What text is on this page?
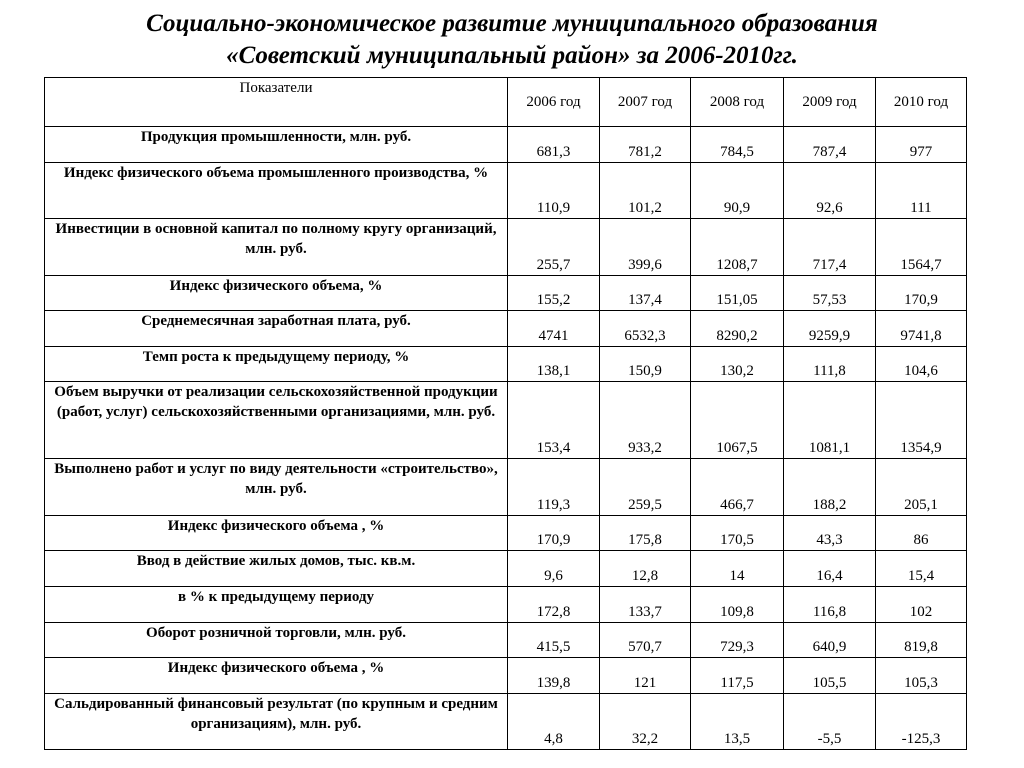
Социально-экономическое развитие муниципального образования
«Советский муниципальный район» за 2006-2010гг.
Показатели	2006 год	2007 год	2008 год	2009 год	2010 год
Продукция промышленности, млн. руб.	681,3	781,2	784,5	787,4	977
Индекс физического объема промышленного производства, %	110,9	101,2	90,9	92,6	111
Инвестиции в основной капитал по полному кругу организаций, млн. руб.	255,7	399,6	1208,7	717,4	1564,7
Индекс физического объема, %	155,2	137,4	151,05	57,53	170,9
Среднемесячная заработная плата, руб.	4741	6532,3	8290,2	9259,9	9741,8
Темп роста к предыдущему периоду, %	138,1	150,9	130,2	111,8	104,6
Объем выручки от реализации сельскохозяйственной продукции (работ, услуг) сельскохозяйственными организациями, млн. руб.	153,4	933,2	1067,5	1081,1	1354,9
Выполнено работ и услуг по виду деятельности «строительство», млн. руб.	119,3	259,5	466,7	188,2	205,1
Индекс физического объема , %	170,9	175,8	170,5	43,3	86
Ввод в действие жилых домов, тыс. кв.м.	9,6	12,8	14	16,4	15,4
в % к предыдущему периоду	172,8	133,7	109,8	116,8	102
Оборот розничной торговли, млн. руб.	415,5	570,7	729,3	640,9	819,8
Индекс физического объема , %	139,8	121	117,5	105,5	105,3
Сальдированный финансовый результат (по крупным и средним организациям), млн. руб.	4,8	32,2	13,5	-5,5	-125,3
